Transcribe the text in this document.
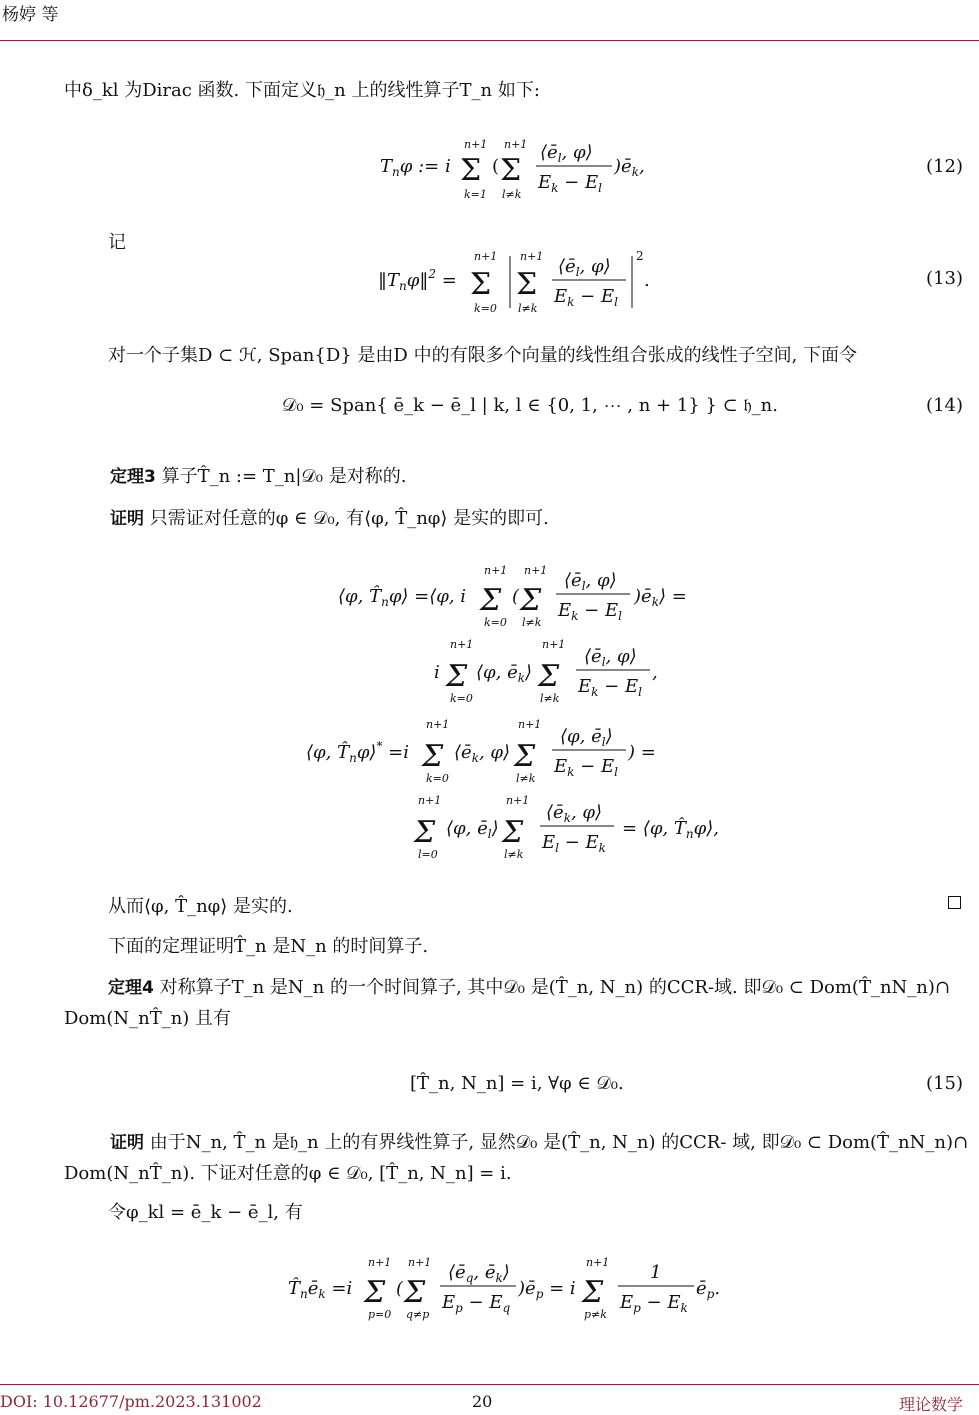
杨婷 等
中δ_kl 为Dirac 函数. 下面定义𝔥_n 上的线性算子T_n 如下:
$T_n\varphi$ := i
n+1
Σ
k=1
(
n+1
Σ
l≠k
$⟨ē_l$, φ⟩
$E_k - E_l$
)$ē_k$,	(12)
记
$‖T_n\varphi‖^2$ =
n+1
Σ
k=0
n+1
Σ
l≠k
$⟨ē_l$, φ⟩
$E_k - E_l$
2
.	(13)
对一个子集D ⊂ ℋ, Span{D} 是由D 中的有限多个向量的线性组合张成的线性子空间, 下面令
𝒟₀ = Span{ ē_k − ē_l | k, l ∈ {0, 1, ⋯ , n + 1} } ⊂ 𝔥_n.	(14)
定理3 算子T̂_n := T_n|𝒟₀ 是对称的.
证明 只需证对任意的φ ∈ 𝒟₀, 有⟨φ, T̂_nφ⟩ 是实的即可.
⟨φ, $T̂_n\varphi⟩$ =⟨φ, i
n+1
Σ
k=0
(
n+1
Σ
l≠k
$⟨ē_l$, φ⟩
$E_k - E_l$
)$ē_k⟩$ =
i
n+1
Σ
k=0
⟨φ, $ē_k⟩$
n+1
Σ
l≠k
$⟨ē_l$, φ⟩
$E_k - E_l$
,
⟨φ, $T̂_n\varphi⟩^* =i$
n+1
Σ
k=0
$⟨ē_k$, φ⟩
n+1
Σ
l≠k
⟨φ, $ē_l⟩$
$E_k - E_l$
) =
n+1
Σ
l=0
⟨φ, $ē_l⟩$
n+1
Σ
l≠k
$⟨ē_k$, φ⟩
$E_l - E_k$
= ⟨φ, $T̂_n\varphi⟩$,
从而⟨φ, T̂_nφ⟩ 是实的.
下面的定理证明T̂_n 是N_n 的时间算子.
定理4 对称算子T_n 是N_n 的一个时间算子, 其中𝒟₀ 是(T̂_n, N_n) 的CCR-域. 即𝒟₀ ⊂ Dom(T̂_nN_n)∩
Dom(N_nT̂_n) 且有
[T̂_n, N_n] = i, ∀φ ∈ 𝒟₀.	(15)
证明 由于N_n, T̂_n 是𝔥_n 上的有界线性算子, 显然𝒟₀ 是(T̂_n, N_n) 的CCR- 域, 即𝒟₀ ⊂ Dom(T̂_nN_n)∩
Dom(N_nT̂_n). 下证对任意的φ ∈ 𝒟₀, [T̂_n, N_n] = i.
令φ_kl = ē_k − ē_l, 有
$T̂_nē_k =i$
n+1
Σ
p=0
(
n+1
Σ
q≠p
$⟨ē_q$, $ē_k⟩$
$E_p - E_q$
)$ē_p = i$
n+1
Σ
p≠k
1
$E_p - E_k$
$ē_p$.
DOI: 10.12677/pm.2023.131002	20	理论数学
